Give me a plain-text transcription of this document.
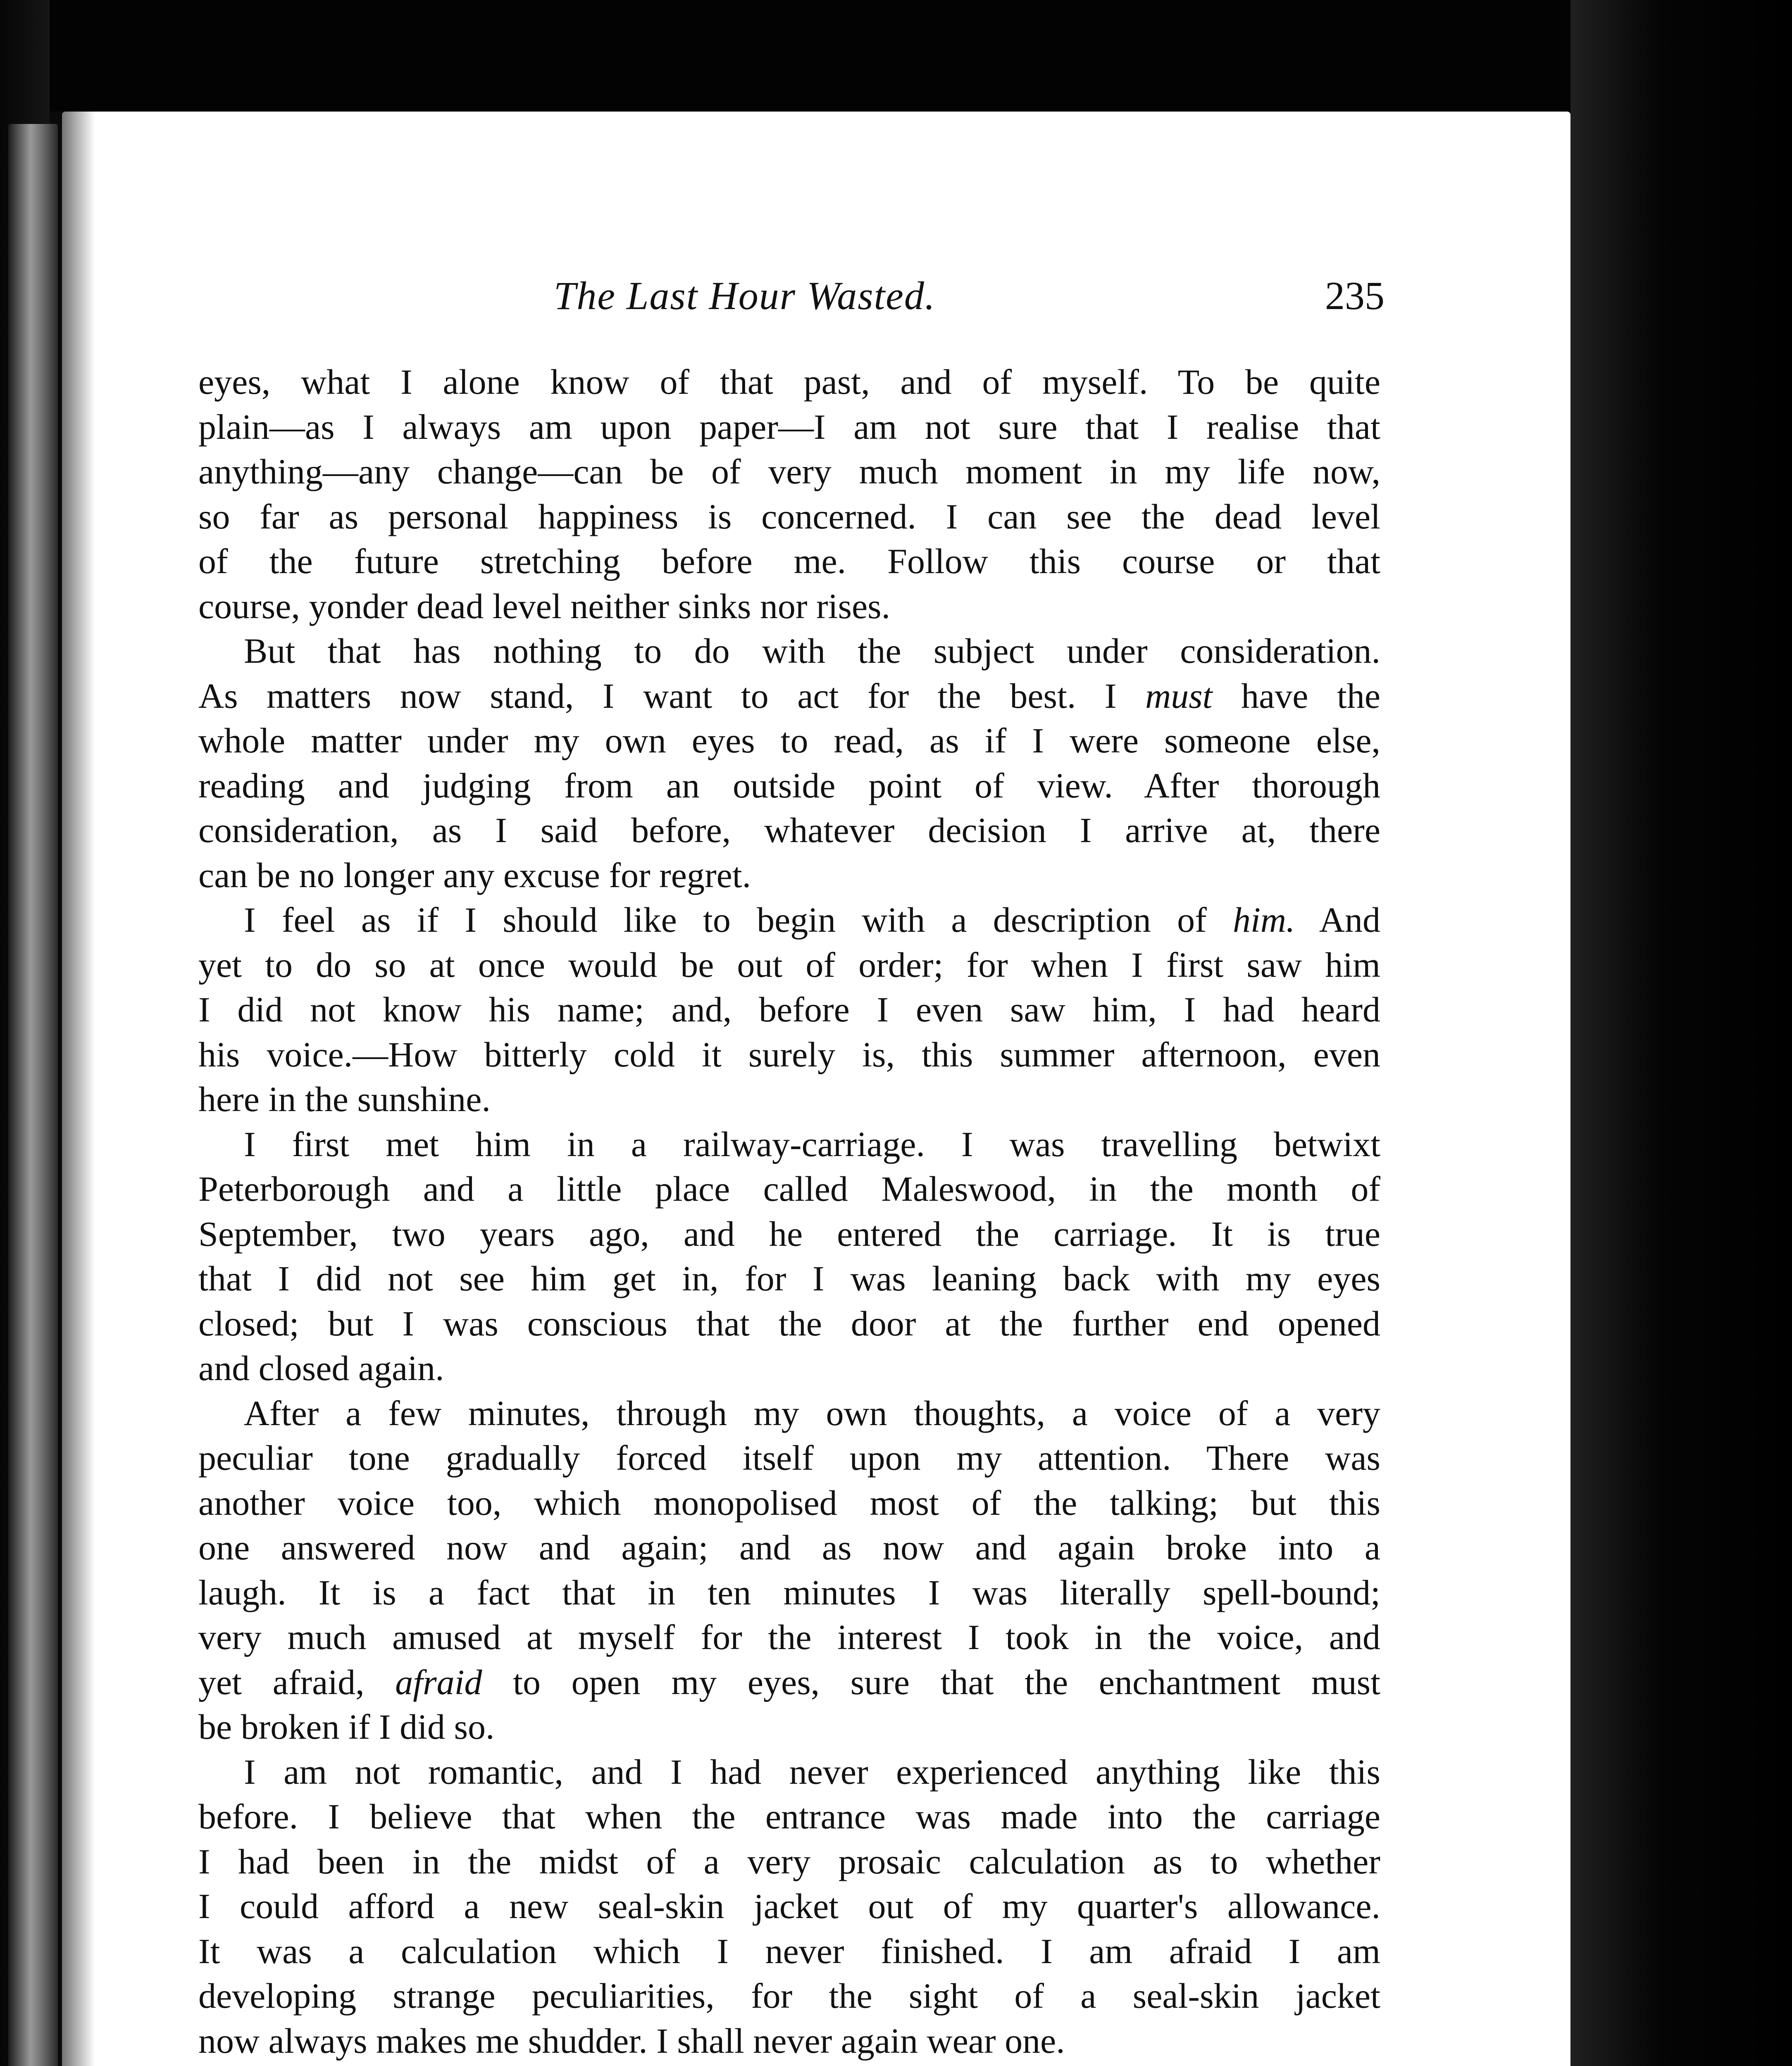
The Last Hour Wasted.	235
eyes, what I alone know of that past, and of myself. To be quite
plain—as I always am upon paper—I am not sure that I realise that
anything—any change—can be of very much moment in my life now,
so far as personal happiness is concerned. I can see the dead level
of the future stretching before me. Follow this course or that
course, yonder dead level neither sinks nor rises.
But that has nothing to do with the subject under consideration.
As matters now stand, I want to act for the best. I must have the
whole matter under my own eyes to read, as if I were someone else,
reading and judging from an outside point of view. After thorough
consideration, as I said before, whatever decision I arrive at, there
can be no longer any excuse for regret.
I feel as if I should like to begin with a description of him. And
yet to do so at once would be out of order; for when I first saw him
I did not know his name; and, before I even saw him, I had heard
his voice.—How bitterly cold it surely is, this summer afternoon, even
here in the sunshine.
I first met him in a railway-carriage. I was travelling betwixt
Peterborough and a little place called Maleswood, in the month of
September, two years ago, and he entered the carriage. It is true
that I did not see him get in, for I was leaning back with my eyes
closed; but I was conscious that the door at the further end opened
and closed again.
After a few minutes, through my own thoughts, a voice of a very
peculiar tone gradually forced itself upon my attention. There was
another voice too, which monopolised most of the talking; but this
one answered now and again; and as now and again broke into a
laugh. It is a fact that in ten minutes I was literally spell-bound;
very much amused at myself for the interest I took in the voice, and
yet afraid, afraid to open my eyes, sure that the enchantment must
be broken if I did so.
I am not romantic, and I had never experienced anything like this
before. I believe that when the entrance was made into the carriage
I had been in the midst of a very prosaic calculation as to whether
I could afford a new seal-skin jacket out of my quarter's allowance.
It was a calculation which I never finished. I am afraid I am
developing strange peculiarities, for the sight of a seal-skin jacket
now always makes me shudder. I shall never again wear one.
